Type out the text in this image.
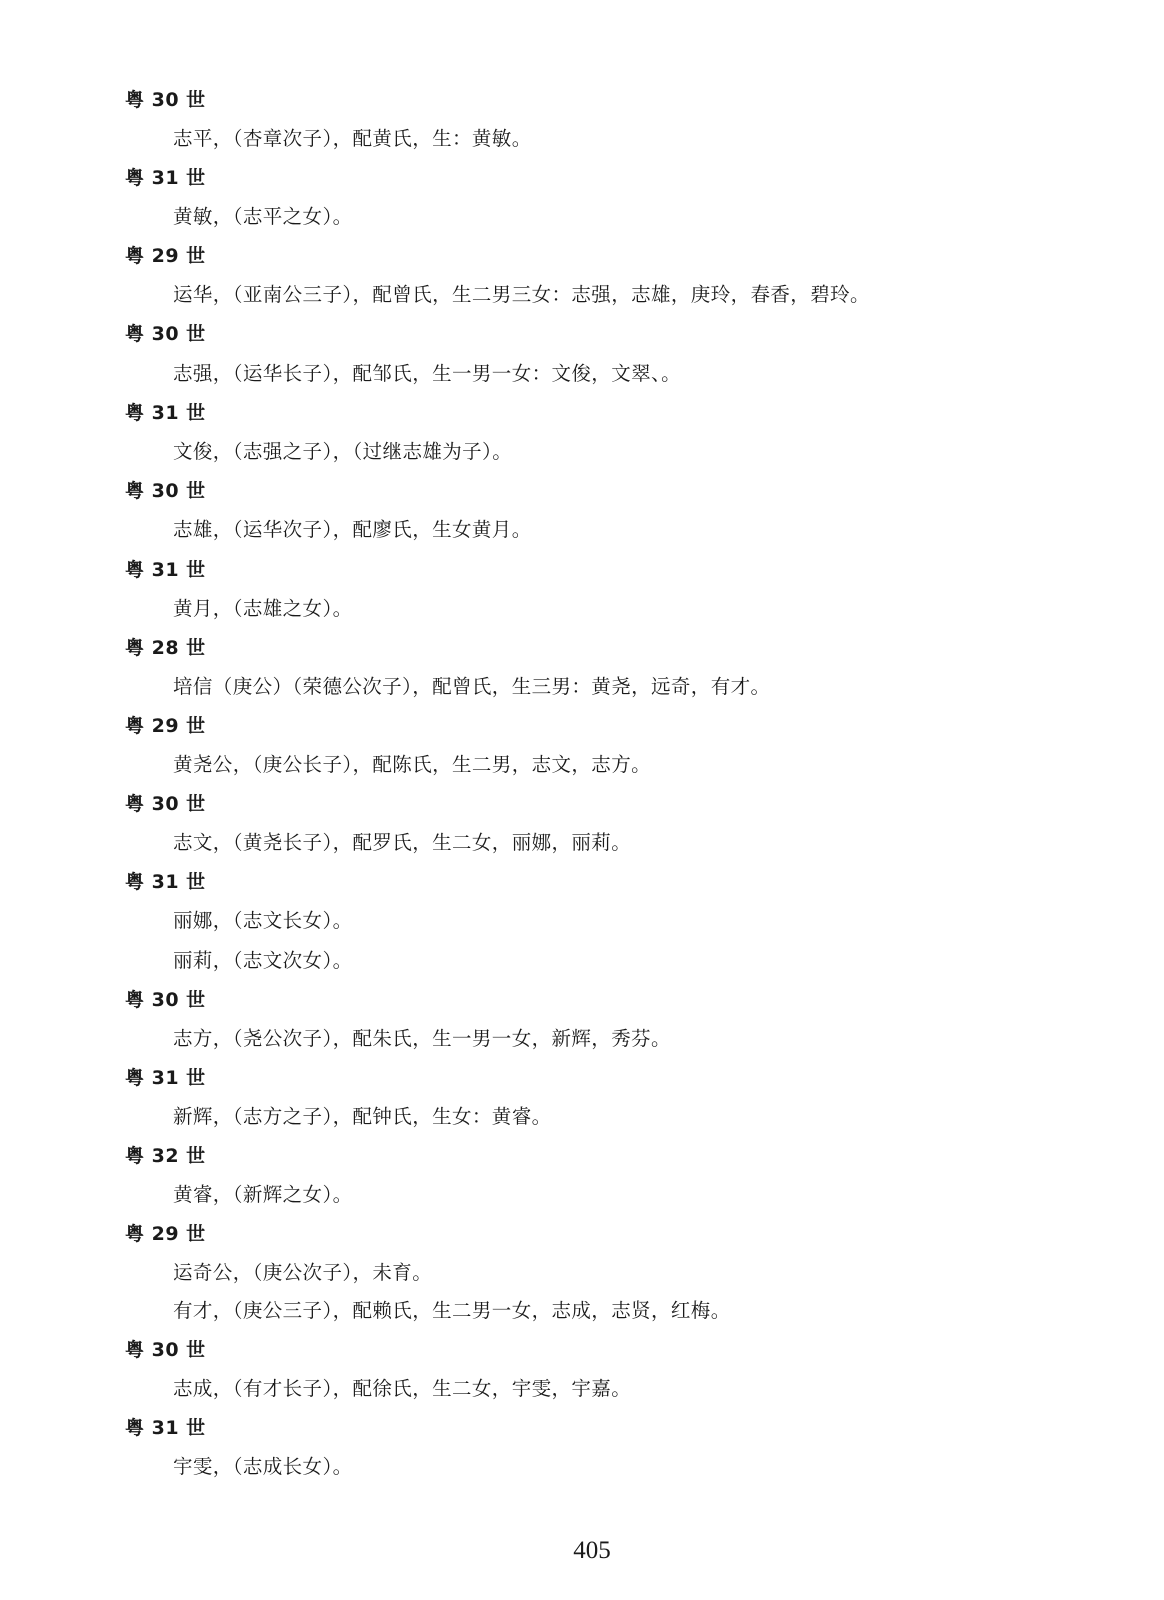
粤 30 世
志平，（杏章次子），配黄氏，生：黄敏。
粤 31 世
黄敏，（志平之女）。
粤 29 世
运华，（亚南公三子），配曾氏，生二男三女：志强，志雄，庚玲，春香，碧玲。
粤 30 世
志强，（运华长子），配邹氏，生一男一女：文俊，文翠、。
粤 31 世
文俊，（志强之子），（过继志雄为子）。
粤 30 世
志雄，（运华次子），配廖氏，生女黄月。
粤 31 世
黄月，（志雄之女）。
粤 28 世
培信（庚公）（荣德公次子），配曾氏，生三男：黄尧，远奇，有才。
粤 29 世
黄尧公，（庚公长子），配陈氏，生二男，志文，志方。
粤 30 世
志文，（黄尧长子），配罗氏，生二女，丽娜，丽莉。
粤 31 世
丽娜，（志文长女）。
丽莉，（志文次女）。
粤 30 世
志方，（尧公次子），配朱氏，生一男一女，新辉，秀芬。
粤 31 世
新辉，（志方之子），配钟氏，生女：黄睿。
粤 32 世
黄睿，（新辉之女）。
粤 29 世
运奇公，（庚公次子），未育。
有才，（庚公三子），配赖氏，生二男一女，志成，志贤，红梅。
粤 30 世
志成，（有才长子），配徐氏，生二女，宇雯，宇嘉。
粤 31 世
宇雯，（志成长女）。
405
